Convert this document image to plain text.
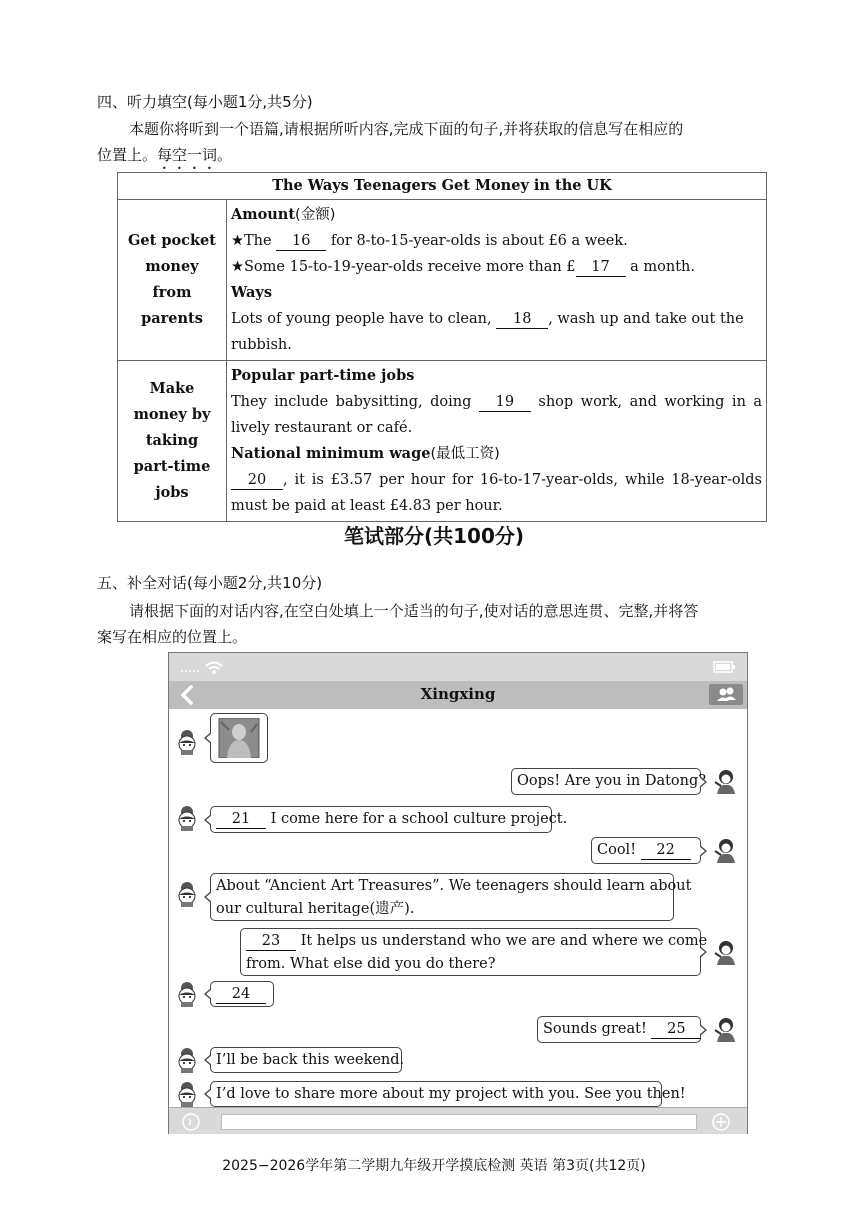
四、听力填空(每小题1分,共5分)
本题你将听到一个语篇,请根据所听内容,完成下面的句子,并将获取的信息写在相应的
位置上。每空一词。
The Ways Teenagers Get Money in the UK	
Get pocket money from parents	Amount(金额)
★The 16 for 8-to-15-year-olds is about £6 a week.
★Some 15-to-19-year-olds receive more than £ 17 a month.
Ways
Lots of young people have to clean, 18 , wash up and take out the rubbish.

Make money by taking part-time jobs	Popular part-time jobs
They include babysitting, doing 19 shop work, and working in a lively restaurant or café.
National minimum wage(最低工资)
20 , it is £3.57 per hour for 16-to-17-year-olds, while 18-year-olds must be paid at least £4.83 per hour.
笔试部分(共100分)
五、补全对话(每小题2分,共10分)
请根据下面的对话内容,在空白处填上一个适当的句子,使对话的意思连贯、完整,并将答
案写在相应的位置上。
Xingxing
Oops! Are you in Datong?
21 I come here for a school culture project.
Cool! 22
About “Ancient Art Treasures”. We teenagers should learn about
our cultural heritage(遗产).
23 It helps us understand who we are and where we come
from. What else did you do there?
24
Sounds great! 25
I’ll be back this weekend.
I’d love to share more about my project with you. See you then!
2025−2026学年第二学期九年级开学摸底检测 英语 第3页(共12页)
